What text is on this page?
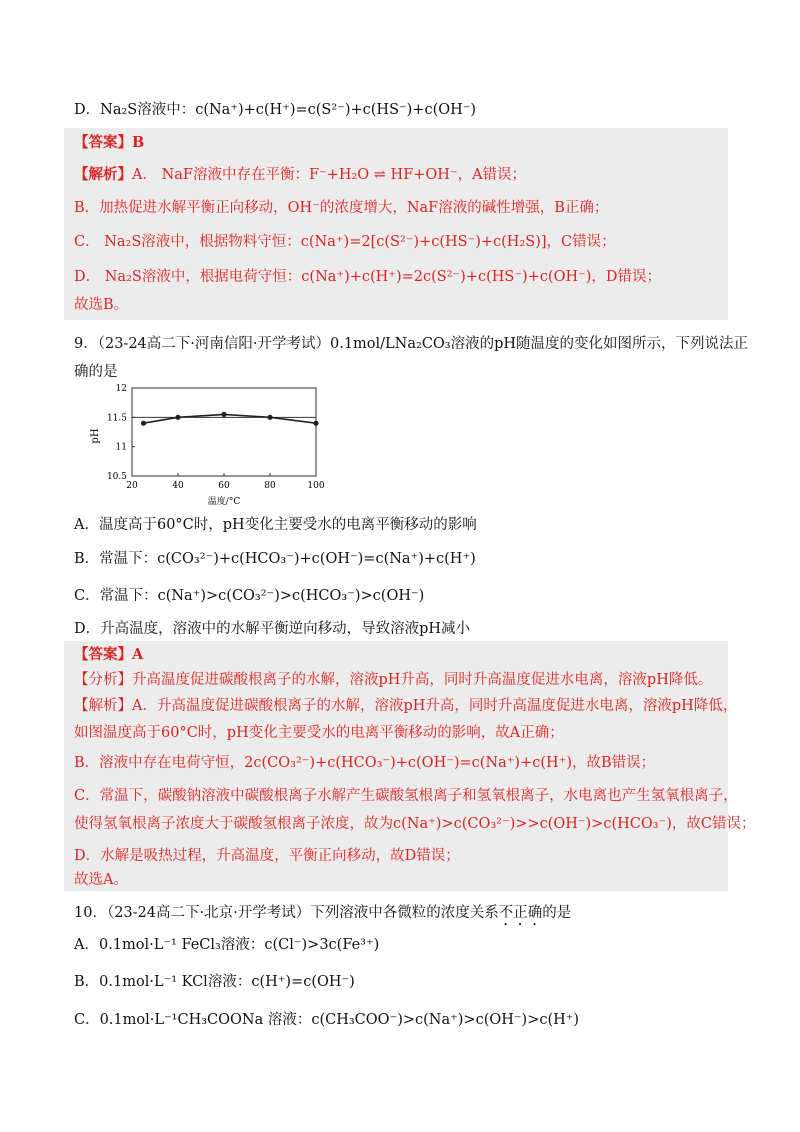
D．Na₂S溶液中：c(Na⁺)+c(H⁺)=c(S²⁻)+c(HS⁻)+c(OH⁻)
【答案】B
【解析】A． NaF溶液中存在平衡：F⁻+H₂O ⇌ HF+OH⁻，A错误；
B．加热促进水解平衡正向移动，OH⁻的浓度增大，NaF溶液的碱性增强，B正确；
C． Na₂S溶液中，根据物料守恒：c(Na⁺)=2[c(S²⁻)+c(HS⁻)+c(H₂S)]，C错误；
D． Na₂S溶液中，根据电荷守恒：c(Na⁺)+c(H⁺)=2c(S²⁻)+c(HS⁻)+c(OH⁻)，D错误；
故选B。
9．（23-24高二下·河南信阳·开学考试）0.1mol/LNa₂CO₃溶液的pH随温度的变化如图所示，下列说法正
确的是
20	40	60	80	100
12
11.5
11
10.5
pH
温度/°C
A．温度高于60°C时，pH变化主要受水的电离平衡移动的影响
B．常温下：c(CO₃²⁻)+c(HCO₃⁻)+c(OH⁻)=c(Na⁺)+c(H⁺)
C．常温下：c(Na⁺)>c(CO₃²⁻)>c(HCO₃⁻)>c(OH⁻)
D．升高温度，溶液中的水解平衡逆向移动，导致溶液pH减小
【答案】A
【分析】升高温度促进碳酸根离子的水解，溶液pH升高，同时升高温度促进水电离，溶液pH降低。
【解析】A．升高温度促进碳酸根离子的水解，溶液pH升高，同时升高温度促进水电离，溶液pH降低，
如图温度高于60°C时，pH变化主要受水的电离平衡移动的影响，故A正确；
B．溶液中存在电荷守恒，2c(CO₃²⁻)+c(HCO₃⁻)+c(OH⁻)=c(Na⁺)+c(H⁺)，故B错误；
C．常温下，碳酸钠溶液中碳酸根离子水解产生碳酸氢根离子和氢氧根离子，水电离也产生氢氧根离子，
使得氢氧根离子浓度大于碳酸氢根离子浓度，故为c(Na⁺)>c(CO₃²⁻)>>c(OH⁻)>c(HCO₃⁻)，故C错误；
D．水解是吸热过程，升高温度，平衡正向移动，故D错误；
故选A。
10．（23-24高二下·北京·开学考试）下列溶液中各微粒的浓度关系不正确的是
A．0.1mol·L⁻¹ FeCl₃溶液：c(Cl⁻)>3c(Fe³⁺)
B．0.1mol·L⁻¹ KCl溶液：c(H⁺)=c(OH⁻)
C．0.1mol·L⁻¹CH₃COONa 溶液：c(CH₃COO⁻)>c(Na⁺)>c(OH⁻)>c(H⁺)
